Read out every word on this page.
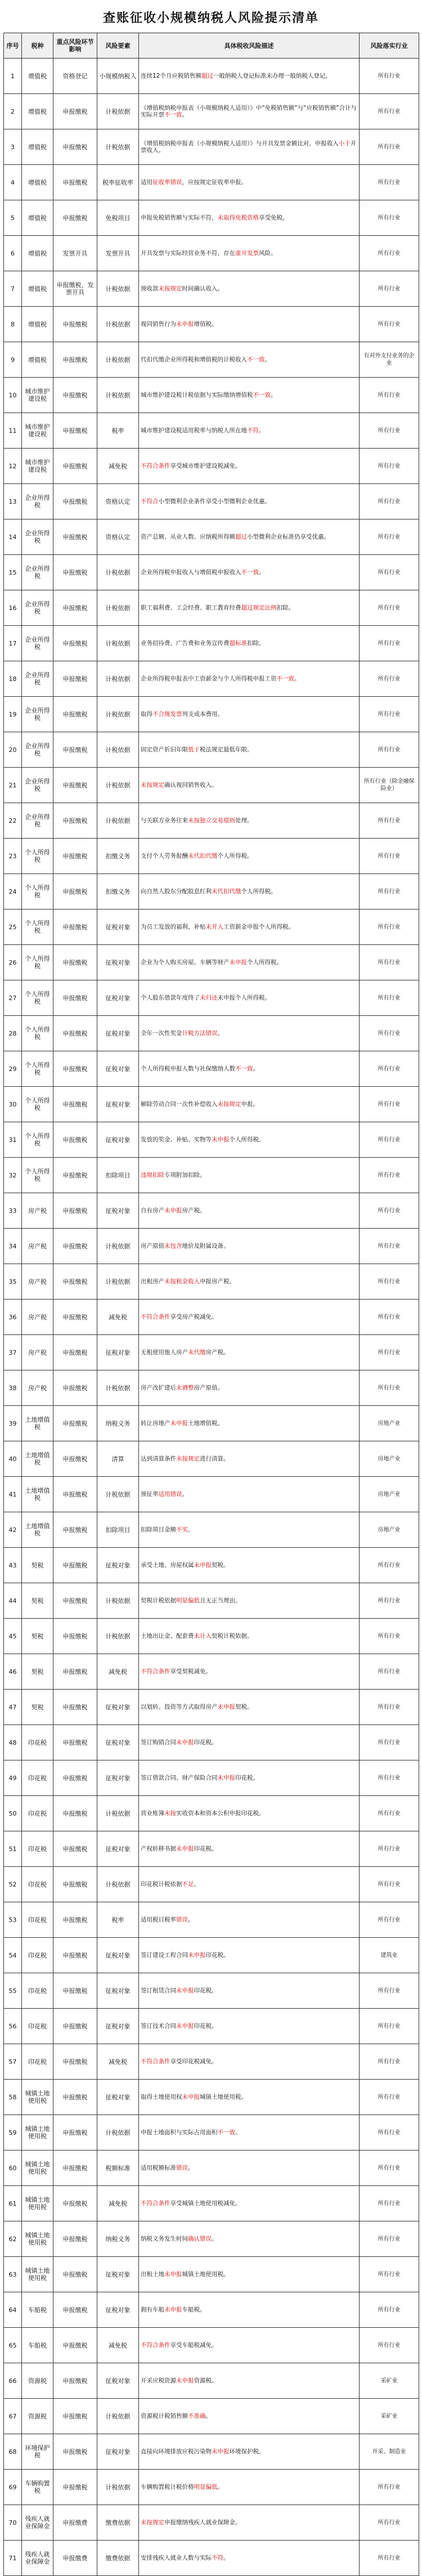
查账征收小规模纳税人风险提示清单
序号	税种	重点风险环节影响	风险要素	具体税收风险描述	风险落实行业
1	增值税	资格登记	小规模纳税人	连续12个月应税销售额超过一般纳税人登记标准未办理一般纳税人登记。	所有行业
2	增值税	申报缴税	计税依据	《增值税纳税申报表（小规模纳税人适用）》中“免税销售额”与“应税销售额”合计与实际开票不一致。	所有行业
3	增值税	申报缴税	计税依据	《增值税纳税申报表（小规模纳税人适用）》与开具发票金额比对，申报收入小于开票收入。	所有行业
4	增值税	申报缴税	税率征收率	适用征收率错误，应按规定征收率申报。	所有行业
5	增值税	申报缴税	免税项目	申报免税销售额与实际不符，未取得免税资格享受免税。	所有行业
6	增值税	发票开具	发票开具	开具发票与实际经营业务不符，存在虚开发票风险。	所有行业
7	增值税	申报缴税、发票开具	计税依据	预收款未按规定时间确认收入。	所有行业
8	增值税	申报缴税	计税依据	视同销售行为未申报增值税。	所有行业
9	增值税	申报缴税	计税依据	代扣代缴企业所得税和增值税的计税收入不一致。	有对外支付业务的企业
10	城市维护建设税	申报缴税	计税依据	城市维护建设税计税依据与实际缴纳增值税不一致。	所有行业
11	城市维护建设税	申报缴税	税率	城市维护建设税适用税率与纳税人所在地不符。	所有行业
12	城市维护建设税	申报缴税	减免税	不符合条件享受城市维护建设税减免。	所有行业
13	企业所得税	申报缴税	资格认定	不符合小型微利企业条件享受小型微利企业优惠。	所有行业
14	企业所得税	申报缴税	资格认定	资产总额、从业人数、应纳税所得额超过小型微利企业标准仍享受优惠。	所有行业
15	企业所得税	申报缴税	计税依据	企业所得税申报收入与增值税申报收入不一致。	所有行业
16	企业所得税	申报缴税	计税依据	职工福利费、工会经费、职工教育经费超过规定比例扣除。	所有行业
17	企业所得税	申报缴税	计税依据	业务招待费、广告费和业务宣传费超标准扣除。	所有行业
18	企业所得税	申报缴税	计税依据	企业所得税申报表中工资薪金与个人所得税申报工资不一致。	所有行业
19	企业所得税	申报缴税	计税依据	取得不合规发票列支成本费用。	所有行业
20	企业所得税	申报缴税	计税依据	固定资产折旧年限低于税法规定最低年限。	所有行业
21	企业所得税	申报缴税	计税依据	未按规定确认视同销售收入。	所有行业（除金融保险业）
22	企业所得税	申报缴税	计税依据	与关联方业务往来未按独立交易原则处理。	所有行业
23	个人所得税	申报缴税	扣缴义务	支付个人劳务报酬未代扣代缴个人所得税。	所有行业
24	个人所得税	申报缴税	扣缴义务	向自然人股东分配股息红利未代扣代缴个人所得税。	所有行业
25	个人所得税	申报缴税	征税对象	为员工发放的福利、补贴未并入工资薪金申报个人所得税。	所有行业
26	个人所得税	申报缴税	征税对象	企业为个人购买房屋、车辆等财产未申报个人所得税。	所有行业
27	个人所得税	申报缴税	征税对象	个人股东借款年度终了未归还未申报个人所得税。	所有行业
28	个人所得税	申报缴税	征税对象	全年一次性奖金计税方法错误。	所有行业
29	个人所得税	申报缴税	征税对象	个人所得税申报人数与社保缴纳人数不一致。	所有行业
30	个人所得税	申报缴税	征税对象	解除劳动合同一次性补偿收入未按规定申报。	所有行业
31	个人所得税	申报缴税	征税对象	发放的奖金、补贴、实物等未申报个人所得税。	所有行业
32	个人所得税	申报缴税	扣除项目	违规扣除专项附加扣除。	所有行业
33	房产税	申报缴税	征税对象	自有房产未申报房产税。	所有行业
34	房产税	申报缴税	计税依据	房产原值未包含地价及附属设备。	所有行业
35	房产税	申报缴税	计税依据	出租房产未按租金收入申报房产税。	所有行业
36	房产税	申报缴税	减免税	不符合条件享受房产税减免。	所有行业
37	房产税	申报缴税	征税对象	无租使用他人房产未代缴房产税。	所有行业
38	房产税	申报缴税	计税依据	房产改扩建后未调整房产原值。	所有行业
39	土地增值税	申报缴税	纳税义务	转让房地产未申报土地增值税。	房地产业
40	土地增值税	申报缴税	清算	达到清算条件未按规定进行清算。	房地产业
41	土地增值税	申报缴税	计税依据	预征率适用错误。	房地产业
42	土地增值税	申报缴税	扣除项目	扣除项目金额不实。	房地产业
43	契税	申报缴税	征税对象	承受土地、房屋权属未申报契税。	所有行业
44	契税	申报缴税	计税依据	契税计税依据明显偏低且无正当理由。	所有行业
45	契税	申报缴税	计税依据	土地出让金、配套费未计入契税计税依据。	所有行业
46	契税	申报缴税	减免税	不符合条件享受契税减免。	所有行业
47	契税	申报缴税	征税对象	以划转、投资等方式取得房产未申报契税。	所有行业
48	印花税	申报缴税	征税对象	签订购销合同未申报印花税。	所有行业
49	印花税	申报缴税	征税对象	签订借款合同、财产保险合同未申报印花税。	所有行业
50	印花税	申报缴税	计税依据	营业账簿未按实收资本和资本公积申报印花税。	所有行业
51	印花税	申报缴税	征税对象	产权转移书据未申报印花税。	所有行业
52	印花税	申报缴税	计税依据	印花税计税依据不足。	所有行业
53	印花税	申报缴税	税率	适用税目税率错误。	所有行业
54	印花税	申报缴税	征税对象	签订建设工程合同未申报印花税。	建筑业
55	印花税	申报缴税	征税对象	签订租赁合同未申报印花税。	所有行业
56	印花税	申报缴税	征税对象	签订技术合同未申报印花税。	所有行业
57	印花税	申报缴税	减免税	不符合条件享受印花税减免。	所有行业
58	城镇土地使用税	申报缴税	征税对象	取得土地使用权未申报城镇土地使用税。	所有行业
59	城镇土地使用税	申报缴税	计税依据	申报土地面积与实际占用面积不一致。	所有行业
60	城镇土地使用税	申报缴税	税额标准	适用税额标准错误。	所有行业
61	城镇土地使用税	申报缴税	减免税	不符合条件享受城镇土地使用税减免。	所有行业
62	城镇土地使用税	申报缴税	纳税义务	纳税义务发生时间确认错误。	所有行业
63	城镇土地使用税	申报缴税	征税对象	出租土地未申报城镇土地使用税。	所有行业
64	车船税	申报缴税	征税对象	拥有车船未申报车船税。	所有行业
65	车船税	申报缴税	减免税	不符合条件享受车船税减免。	所有行业
66	资源税	申报缴税	征税对象	开采应税资源未申报资源税。	采矿业
67	资源税	申报缴税	计税依据	资源税计税销售额不准确。	采矿业
68	环境保护税	申报缴税	征税对象	直接向环境排放应税污染物未申报环境保护税。	开采、制造业
69	车辆购置税	申报缴税	计税依据	车辆购置税计税价格明显偏低。	所有行业
70	残疾人就业保障金	申报缴费	缴费依据	未按规定申报缴纳残疾人就业保障金。	所有行业
71	残疾人就业保障金	申报缴费	缴费依据	安排残疾人就业人数与实际不符。	所有行业
